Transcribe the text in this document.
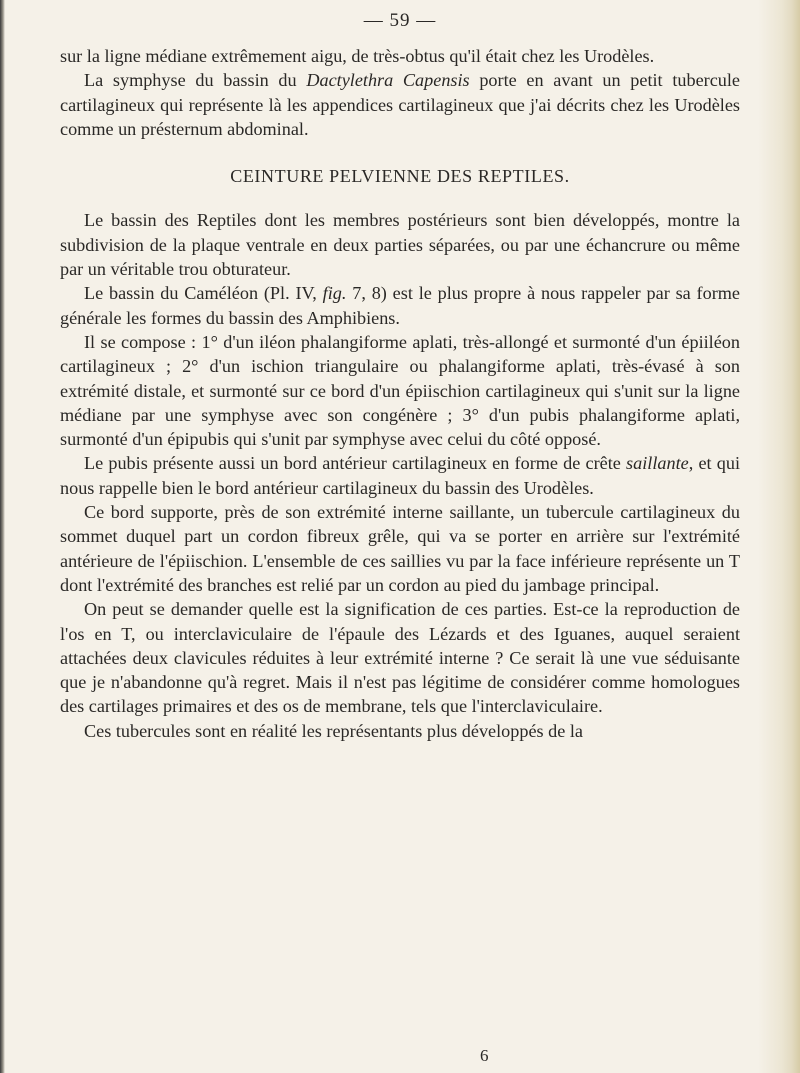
— 59 —

sur la ligne médiane extrêmement aigu, de très-obtus qu'il était chez les Urodèles.

La symphyse du bassin du Dactylethra Capensis porte en avant un petit tubercule cartilagineux qui représente là les appendices cartilagineux que j'ai décrits chez les Urodèles comme un présternum abdominal.

CEINTURE PELVIENNE DES REPTILES.

Le bassin des Reptiles dont les membres postérieurs sont bien développés, montre la subdivision de la plaque ventrale en deux parties séparées, ou par une échancrure ou même par un véritable trou obturateur.

Le bassin du Caméléon (Pl. IV, fig. 7, 8) est le plus propre à nous rappeler par sa forme générale les formes du bassin des Amphibiens.

Il se compose : 1° d'un iléon phalangiforme aplati, très-allongé et surmonté d'un épiiléon cartilagineux ; 2° d'un ischion triangulaire ou phalangiforme aplati, très-évasé à son extrémité distale, et surmonté sur ce bord d'un épiischion cartilagineux qui s'unit sur la ligne médiane par une symphyse avec son congénère ; 3° d'un pubis phalangiforme aplati, surmonté d'un épipubis qui s'unit par symphyse avec celui du côté opposé.

Le pubis présente aussi un bord antérieur cartilagineux en forme de crête saillante, et qui nous rappelle bien le bord antérieur cartilagineux du bassin des Urodèles.

Ce bord supporte, près de son extrémité interne saillante, un tubercule cartilagineux du sommet duquel part un cordon fibreux grêle, qui va se porter en arrière sur l'extrémité antérieure de l'épiischion. L'ensemble de ces saillies vu par la face inférieure représente un T dont l'extrémité des branches est relié par un cordon au pied du jambage principal.

On peut se demander quelle est la signification de ces parties. Est-ce la reproduction de l'os en T, ou interclaviculaire de l'épaule des Lézards et des Iguanes, auquel seraient attachées deux clavicules réduites à leur extrémité interne ? Ce serait là une vue séduisante que je n'abandonne qu'à regret. Mais il n'est pas légitime de considérer comme homologues des cartilages primaires et des os de membrane, tels que l'interclaviculaire.

Ces tubercules sont en réalité les représentants plus développés de la

6
